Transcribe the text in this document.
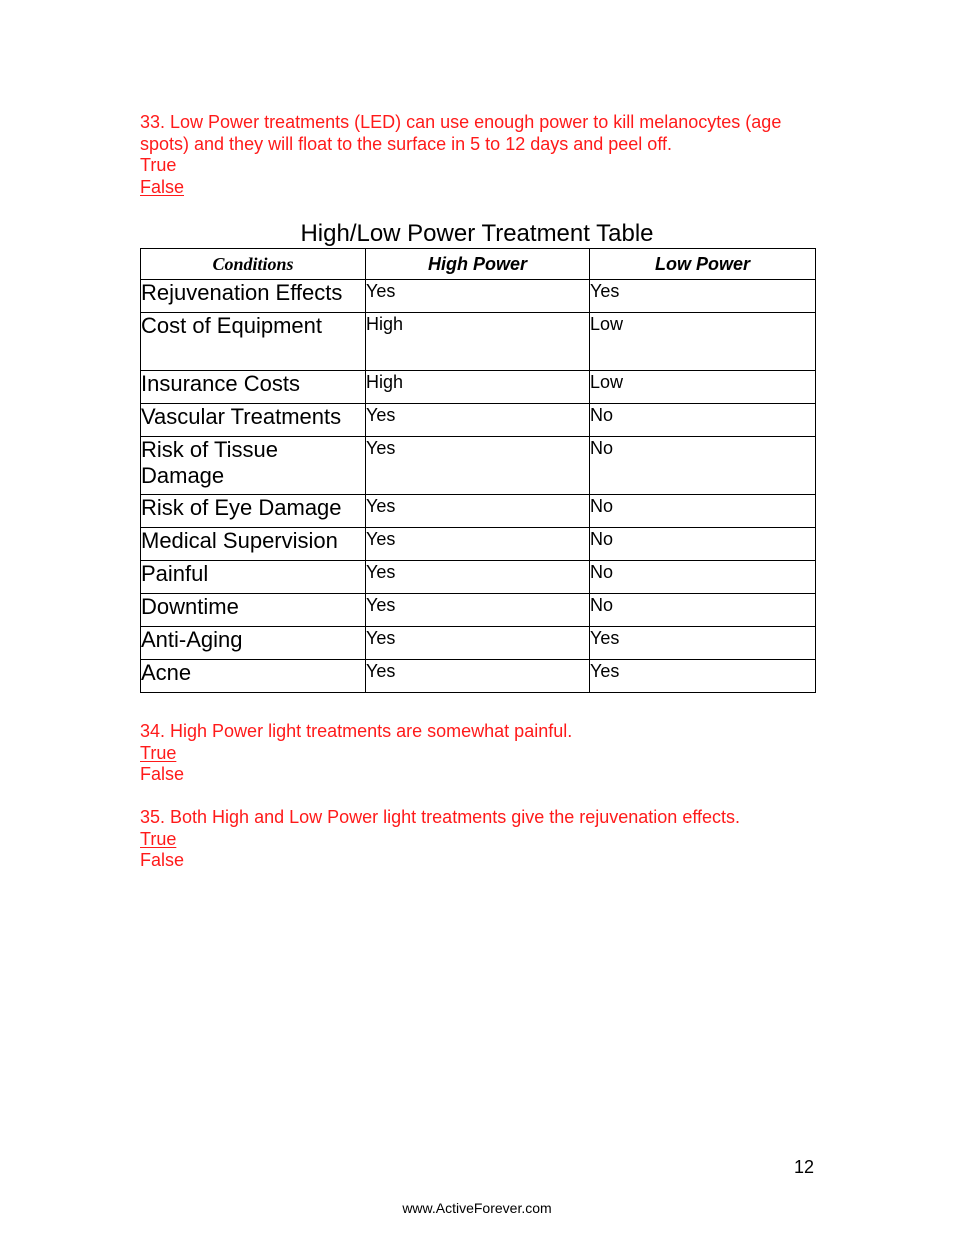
33. Low Power treatments (LED) can use enough power to kill melanocytes (age
spots) and they will float to the surface in 5 to 12 days and peel off.
True
False
High/Low Power Treatment Table
Conditions	High Power	Low Power
Rejuvenation Effects	Yes	Yes
Cost of Equipment	High	Low
Insurance Costs	High	Low
Vascular Treatments	Yes	No
Risk of Tissue Damage	Yes	No
Risk of Eye Damage	Yes	No
Medical Supervision	Yes	No
Painful	Yes	No
Downtime	Yes	No
Anti-Aging	Yes	Yes
Acne	Yes	Yes
34. High Power light treatments are somewhat painful.
True
False
35. Both High and Low Power light treatments give the rejuvenation effects.
True
False
12
www.ActiveForever.com
